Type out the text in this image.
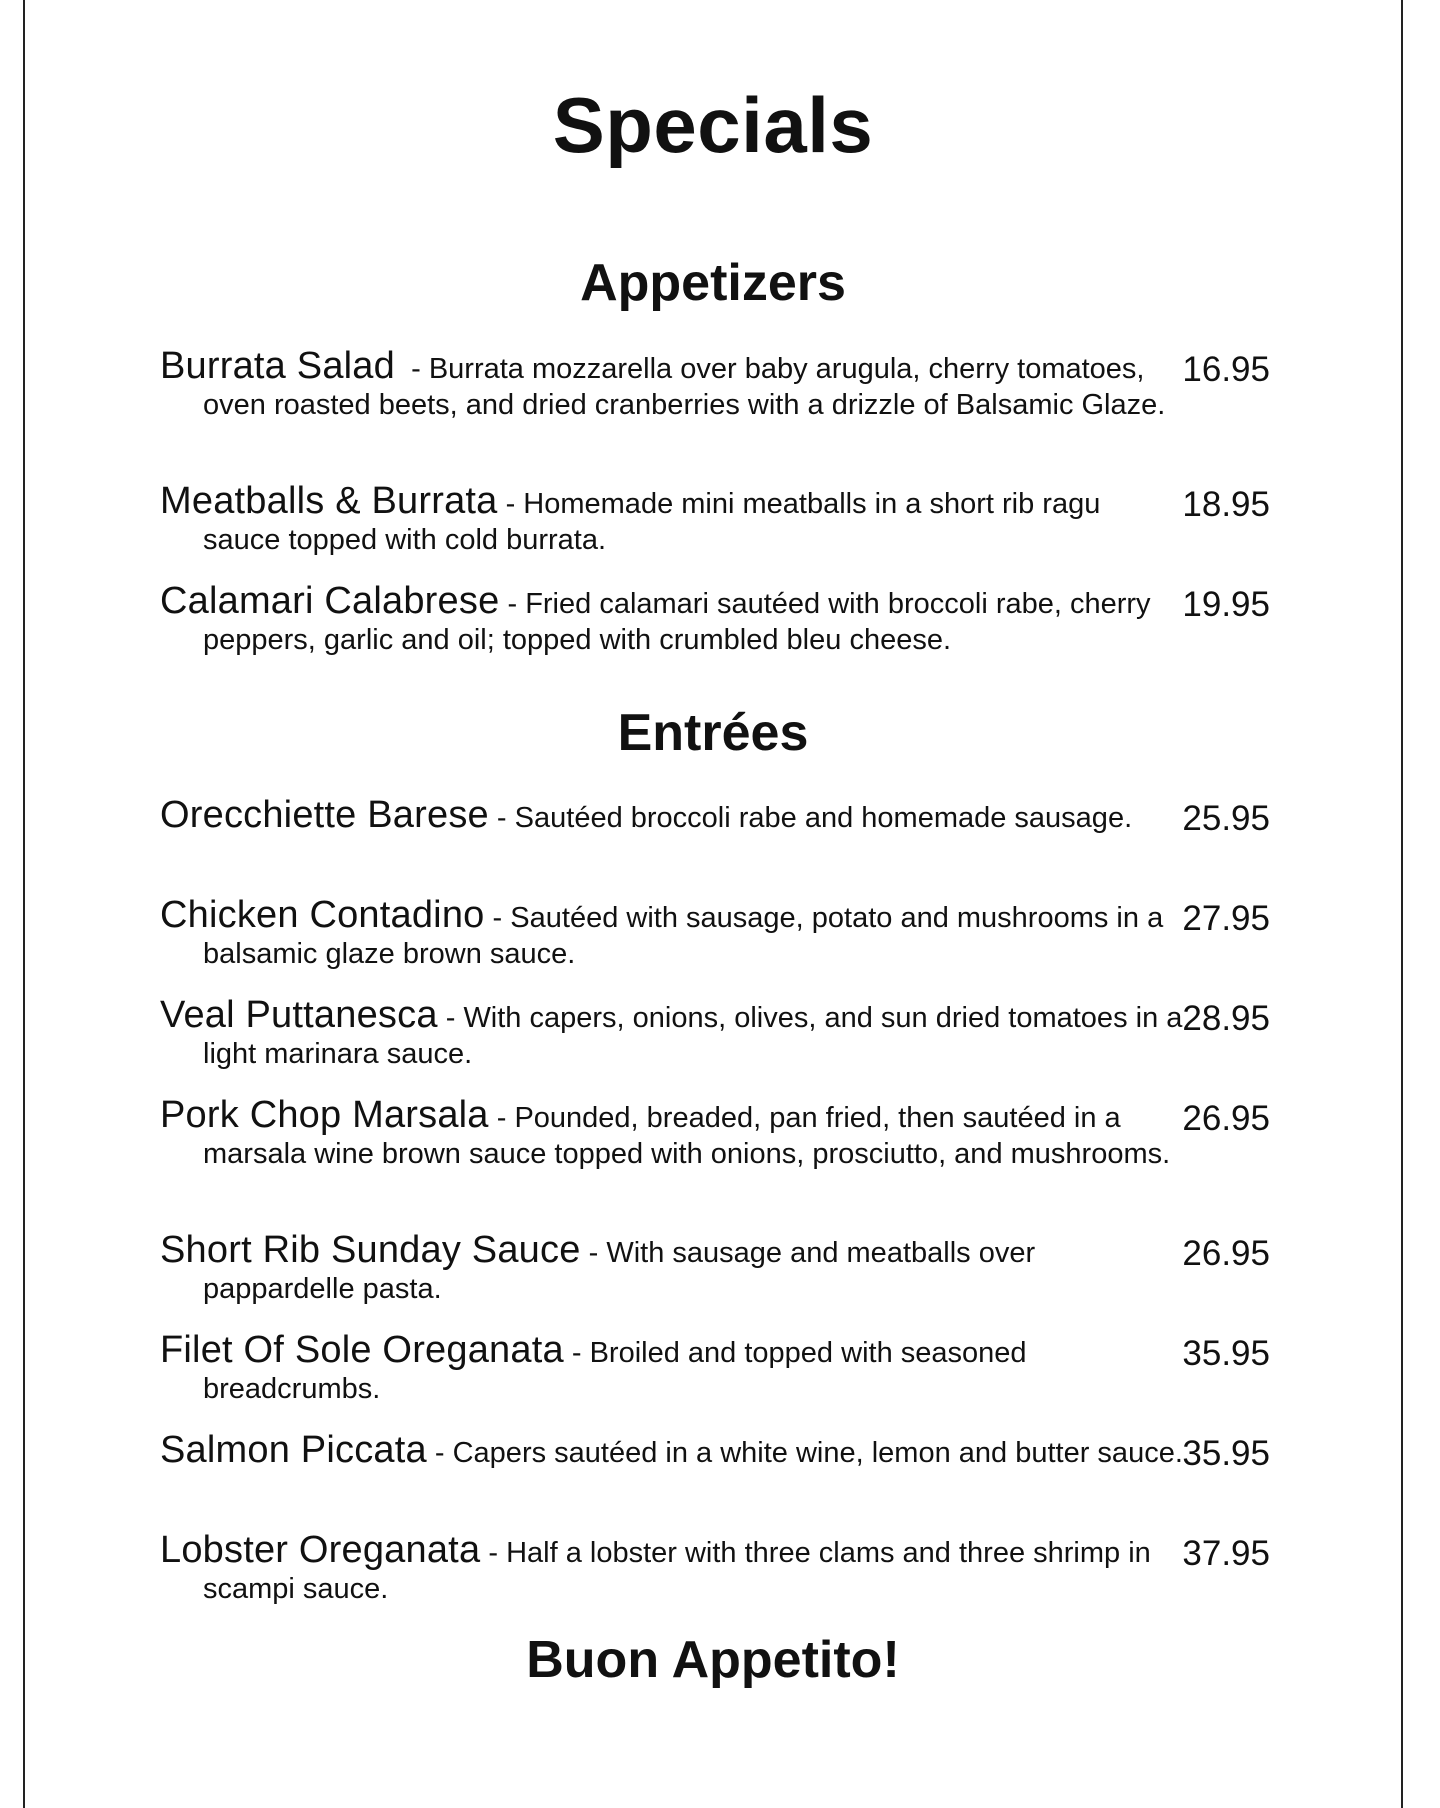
Specials
Appetizers
Burrata Salad  - Burrata mozzarella over baby arugula, cherry tomatoes, oven roasted beets, and dried cranberries with a drizzle of Balsamic Glaze.
16.95
Meatballs & Burrata - Homemade mini meatballs in a short rib ragu sauce topped with cold burrata.
18.95
Calamari Calabrese - Fried calamari sautéed with broccoli rabe, cherry peppers, garlic and oil; topped with crumbled bleu cheese.
19.95
Entrées
Orecchiette Barese - Sautéed broccoli rabe and homemade sausage.	25.95
Chicken Contadino - Sautéed with sausage, potato and mushrooms in a balsamic glaze brown sauce.
27.95
Veal Puttanesca - With capers, onions, olives, and sun dried tomatoes in a light marinara sauce.
28.95
Pork Chop Marsala - Pounded, breaded, pan fried, then sautéed in a marsala wine brown sauce topped with onions, prosciutto, and mushrooms.
26.95
Short Rib Sunday Sauce - With sausage and meatballs over pappardelle pasta.
26.95
Filet Of Sole Oreganata - Broiled and topped with seasoned breadcrumbs.
35.95
Salmon Piccata - Capers sautéed in a white wine, lemon and butter sauce. 35.95
Lobster Oreganata - Half a lobster with three clams and three shrimp in scampi sauce.
37.95
Buon Appetito!
